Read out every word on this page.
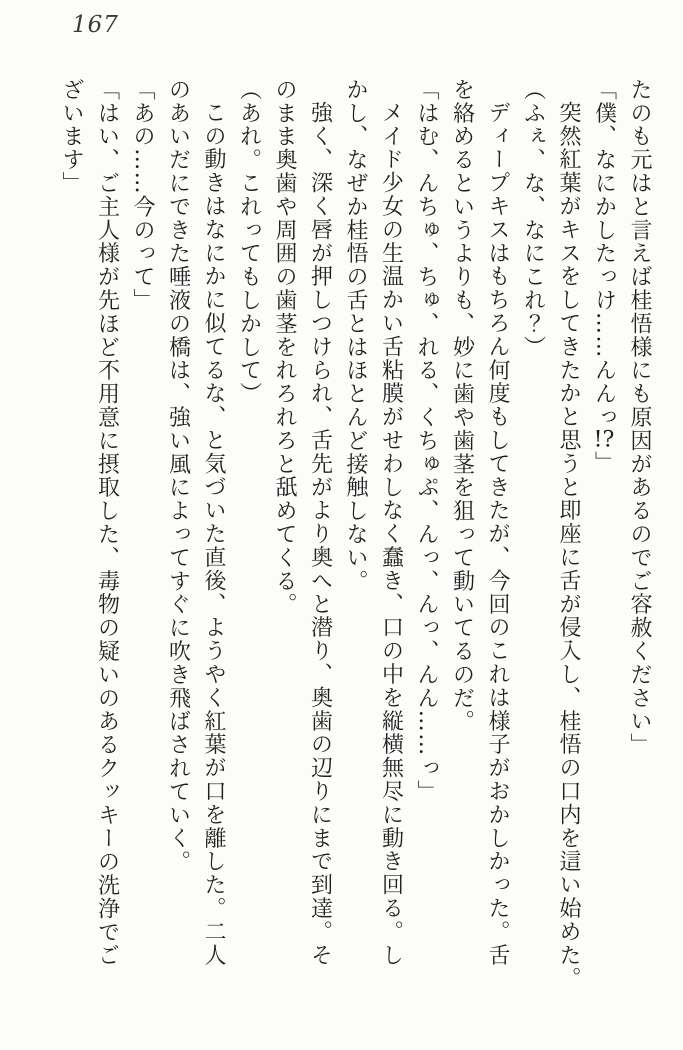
167

たのも元はと言えば桂悟様にも原因があるのでご容赦ください」

「僕、なにかしたっけ……んんっ!?」

突然紅葉がキスをしてきたかと思うと即座に舌が侵入し、桂悟の口内を這い始めた。

（ふぇ、な、なにこれ？）

ディープキスはもちろん何度もしてきたが、今回のこれは様子がおかしかった。舌

を絡めるというよりも、妙に歯や歯茎を狙って動いてるのだ。

「はむ、んちゅ、ちゅ、れる、くちゅぷ、んっ、んっ、んん……っ」

メイド少女の生温かい舌粘膜がせわしなく蠢き、口の中を縦横無尽に動き回る。し

かし、なぜか桂悟の舌とはほとんど接触しない。

強く、深く唇が押しつけられ、舌先がより奥へと潜り、奥歯の辺りにまで到達。そ

のまま奥歯や周囲の歯茎をれろれろと舐めてくる。

（あれ。これってもしかして）

この動きはなにかに似てるな、と気づいた直後、ようやく紅葉が口を離した。二人

のあいだにできた唾液の橋は、強い風によってすぐに吹き飛ばされていく。

「あの……今のって」

「はい、ご主人様が先ほど不用意に摂取した、毒物の疑いのあるクッキーの洗浄でご

ざいます」
